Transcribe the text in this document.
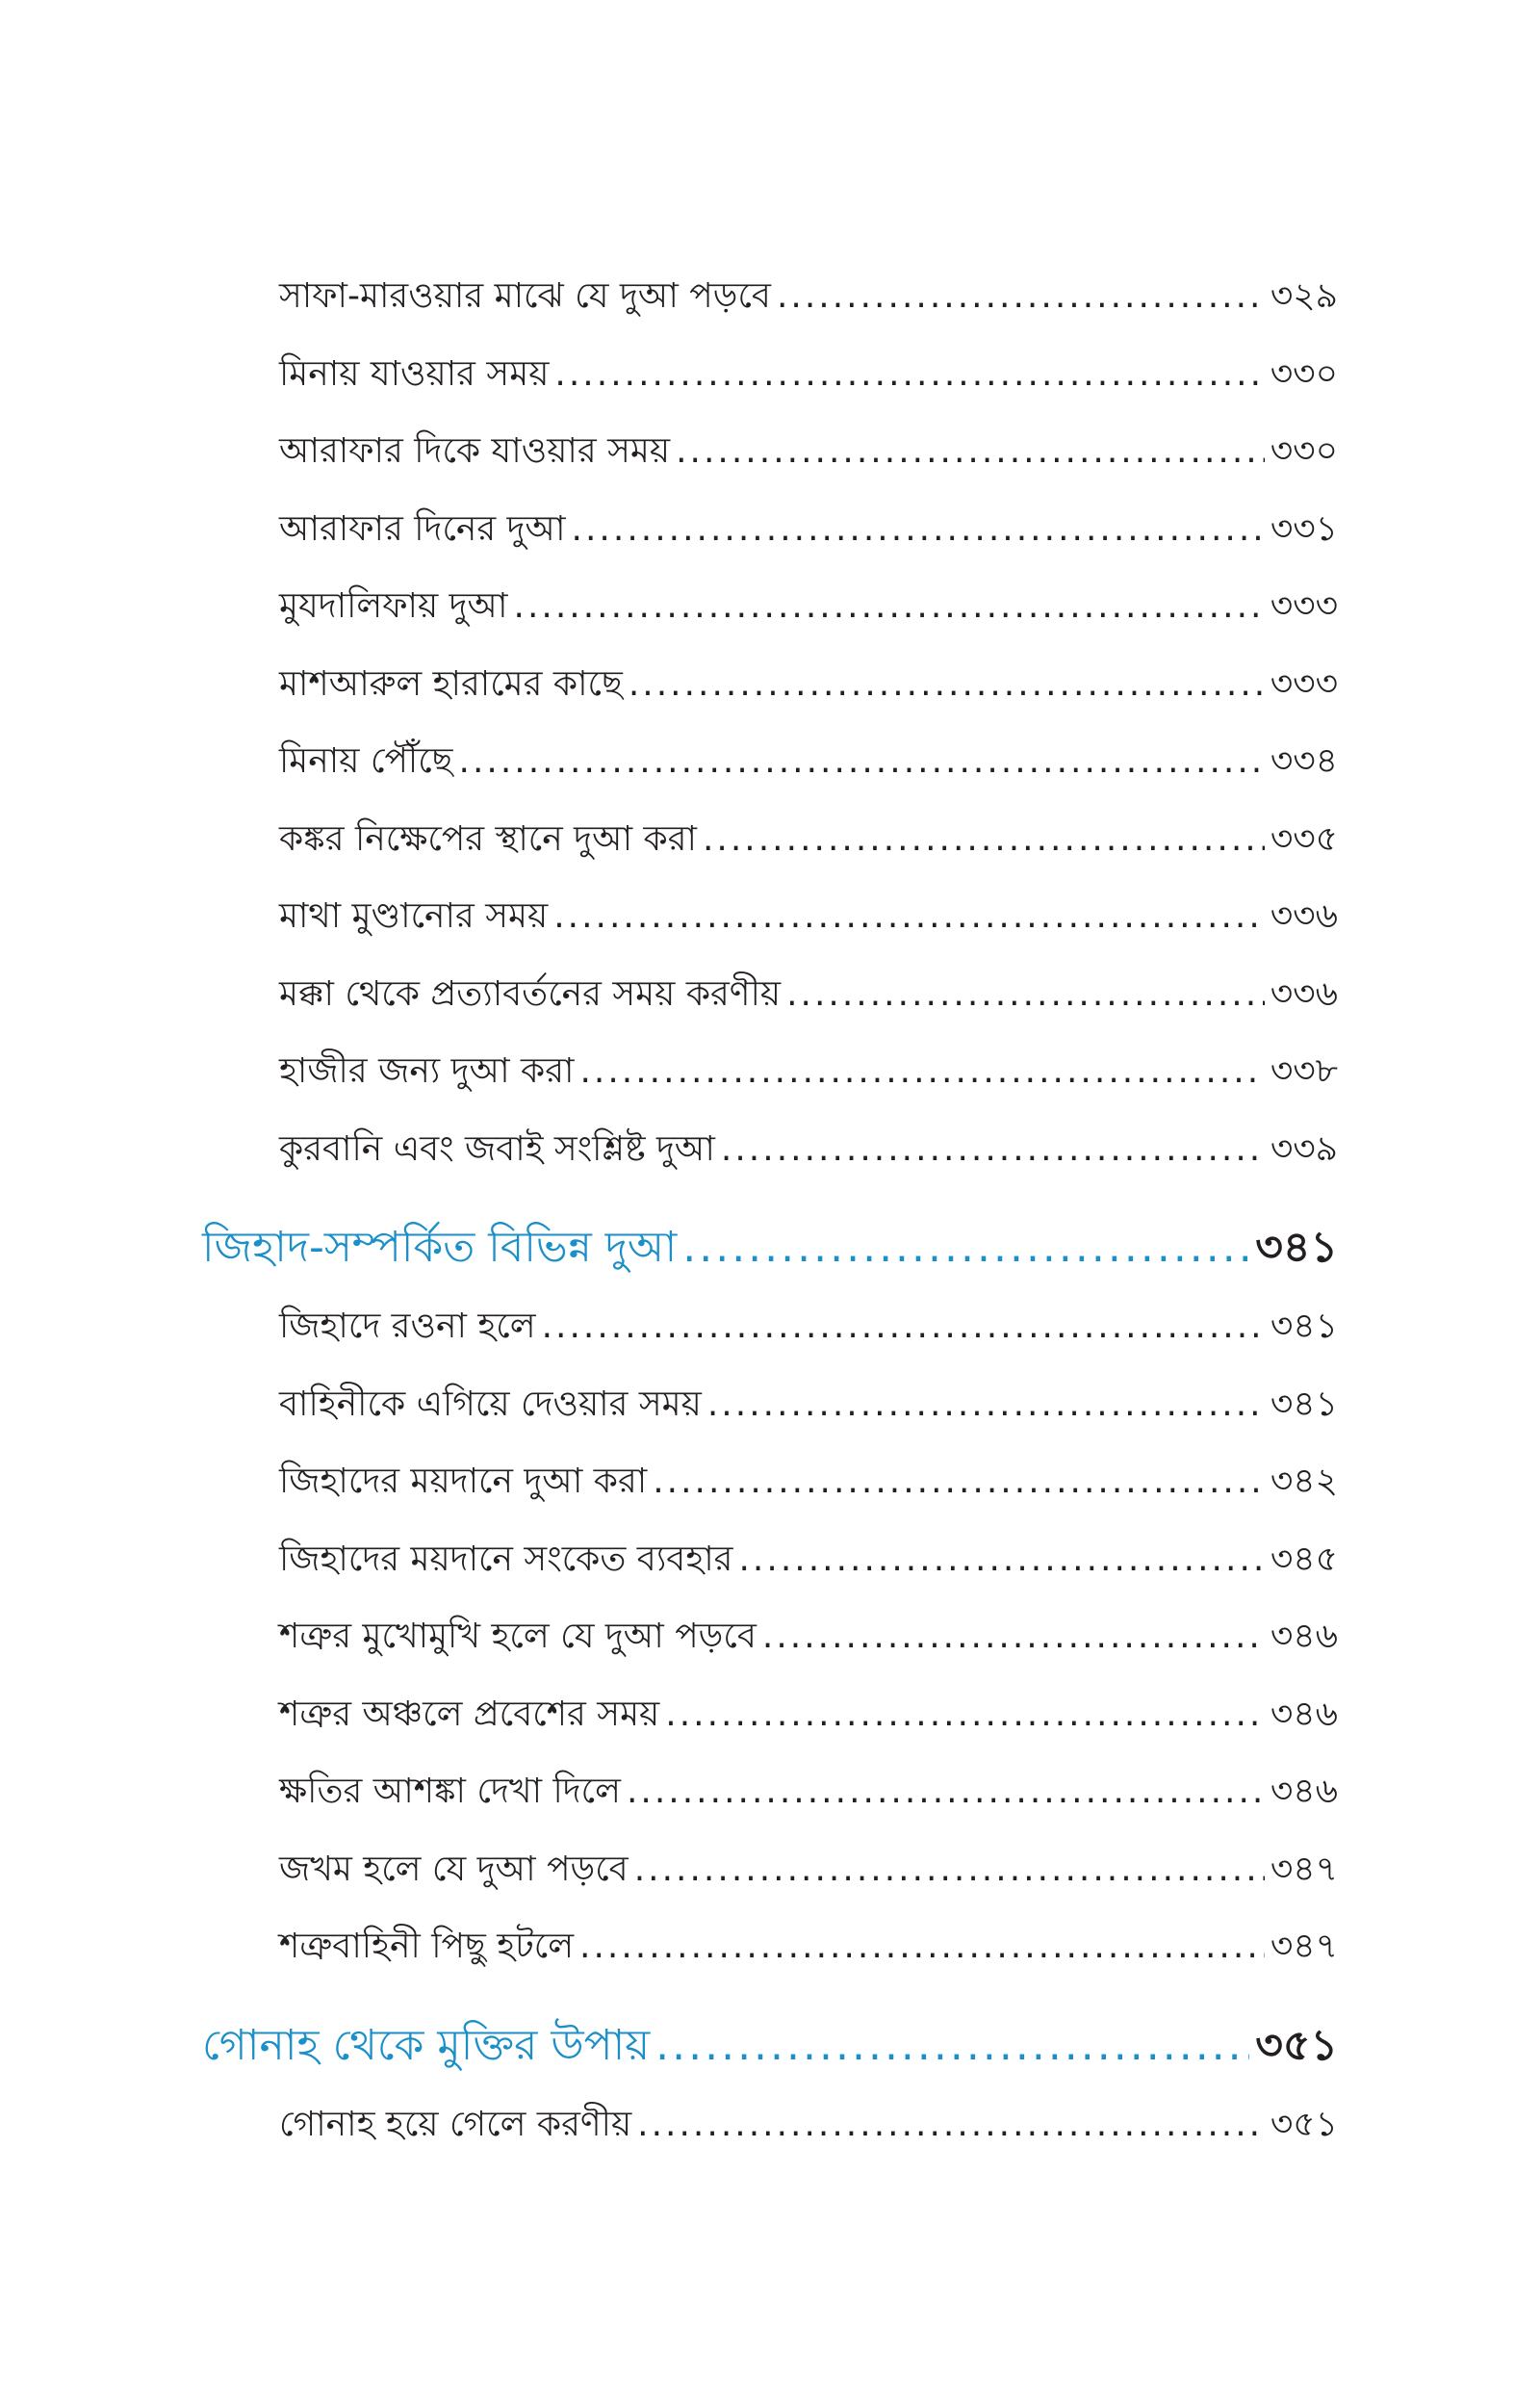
সাফা-মারওয়ার মাঝে যে দুআ পড়বে .....	৩২৯
মিনায় যাওয়ার সময় .....	৩৩০
আরাফার দিকে যাওয়ার সময় .....	৩৩০
আরাফার দিনের দুআ .....	৩৩১
মুযদালিফায় দুআ .....	৩৩৩
মাশআরুল হারামের কাছে .....	৩৩৩
মিনায় পৌঁছে .....	৩৩৪
কঙ্কর নিক্ষেপের স্থানে দুআ করা .....	৩৩৫
মাথা মুণ্ডানোর সময় .....	৩৩৬
মক্কা থেকে প্রত্যাবর্তনের সময় করণীয় .....	৩৩৬
হাজীর জন্য দুআ করা .....	৩৩৮
কুরবানি এবং জবাই সংশ্লিষ্ট দুআ .....	৩৩৯
জিহাদ-সম্পর্কিত বিভিন্ন দুআ .....	৩৪১
জিহাদে রওনা হলে .....	৩৪১
বাহিনীকে এগিয়ে দেওয়ার সময় .....	৩৪১
জিহাদের ময়দানে দুআ করা .....	৩৪২
জিহাদের ময়দানে সংকেত ব্যবহার .....	৩৪৫
শত্রুর মুখোমুখি হলে যে দুআ পড়বে .....	৩৪৬
শত্রুর অঞ্চলে প্রবেশের সময় .....	৩৪৬
ক্ষতির আশঙ্কা দেখা দিলে .....	৩৪৬
জখম হলে যে দুআ পড়বে .....	৩৪৭
শত্রুবাহিনী পিছু হটলে .....	৩৪৭
গোনাহ থেকে মুক্তির উপায় .....	৩৫১
গোনাহ হয়ে গেলে করণীয় .....	৩৫১
